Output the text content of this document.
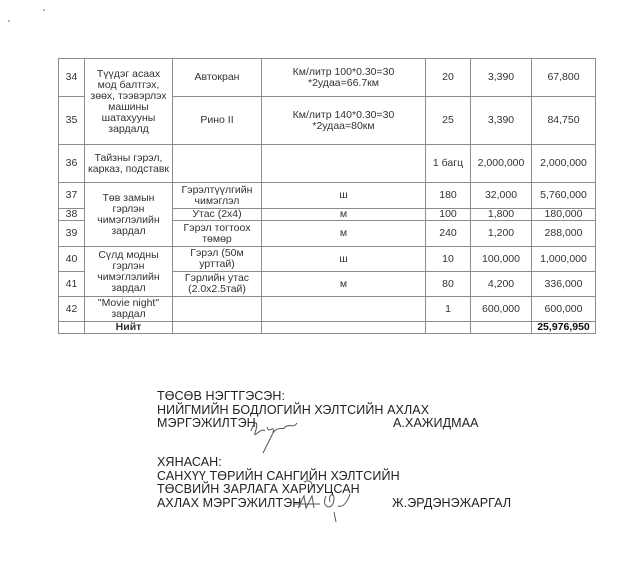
34	Түүдэг асаах мод балтгэх, зөөх, тээвэрлэх машины шатахууны зардалд	Автокран	Км/литр 100*0.30=30 *2удаа=66.7км	20	3,390	67,800
35		Рино II	Км/литр 140*0.30=30 *2удаа=80км	25	3,390	84,750
36	Тайзны гэрэл, карказ, подставк			1 багц	2,000,000	2,000,000
37	Төв замын гэрлэн чимэглэлийн зардал	Гэрэлтүүлгийн чимэглэл	ш	180	32,000	5,760,000
38		Утас (2х4)	м	100	1,800	180,000
39		Гэрэл тогтоох төмөр	м	240	1,200	288,000
40	Сүлд модны гэрлэн чимэглэлийн зардал	Гэрэл (50м урттай)	ш	10	100,000	1,000,000
41		Гэрлийн утас (2.0х2.5тай)	м	80	4,200	336,000
42	"Movie night" зардал			1	600,000	600,000
	Нийт					25,976,950
ТӨСӨВ НЭГТГЭСЭН:
НИЙГМИЙН БОДЛОГИЙН ХЭЛТСИЙН АХЛАХ
МЭРГЭЖИЛТЭН	А.ХАЖИДМАА
ХЯНАСАН:
САНХҮҮ ТӨРИЙН САНГИЙН ХЭЛТСИЙН
ТӨСВИЙН ЗАРЛАГА ХАРИУЦСАН
АХЛАХ МЭРГЭЖИЛТЭН	Ж.ЭРДЭНЭЖАРГАЛ
